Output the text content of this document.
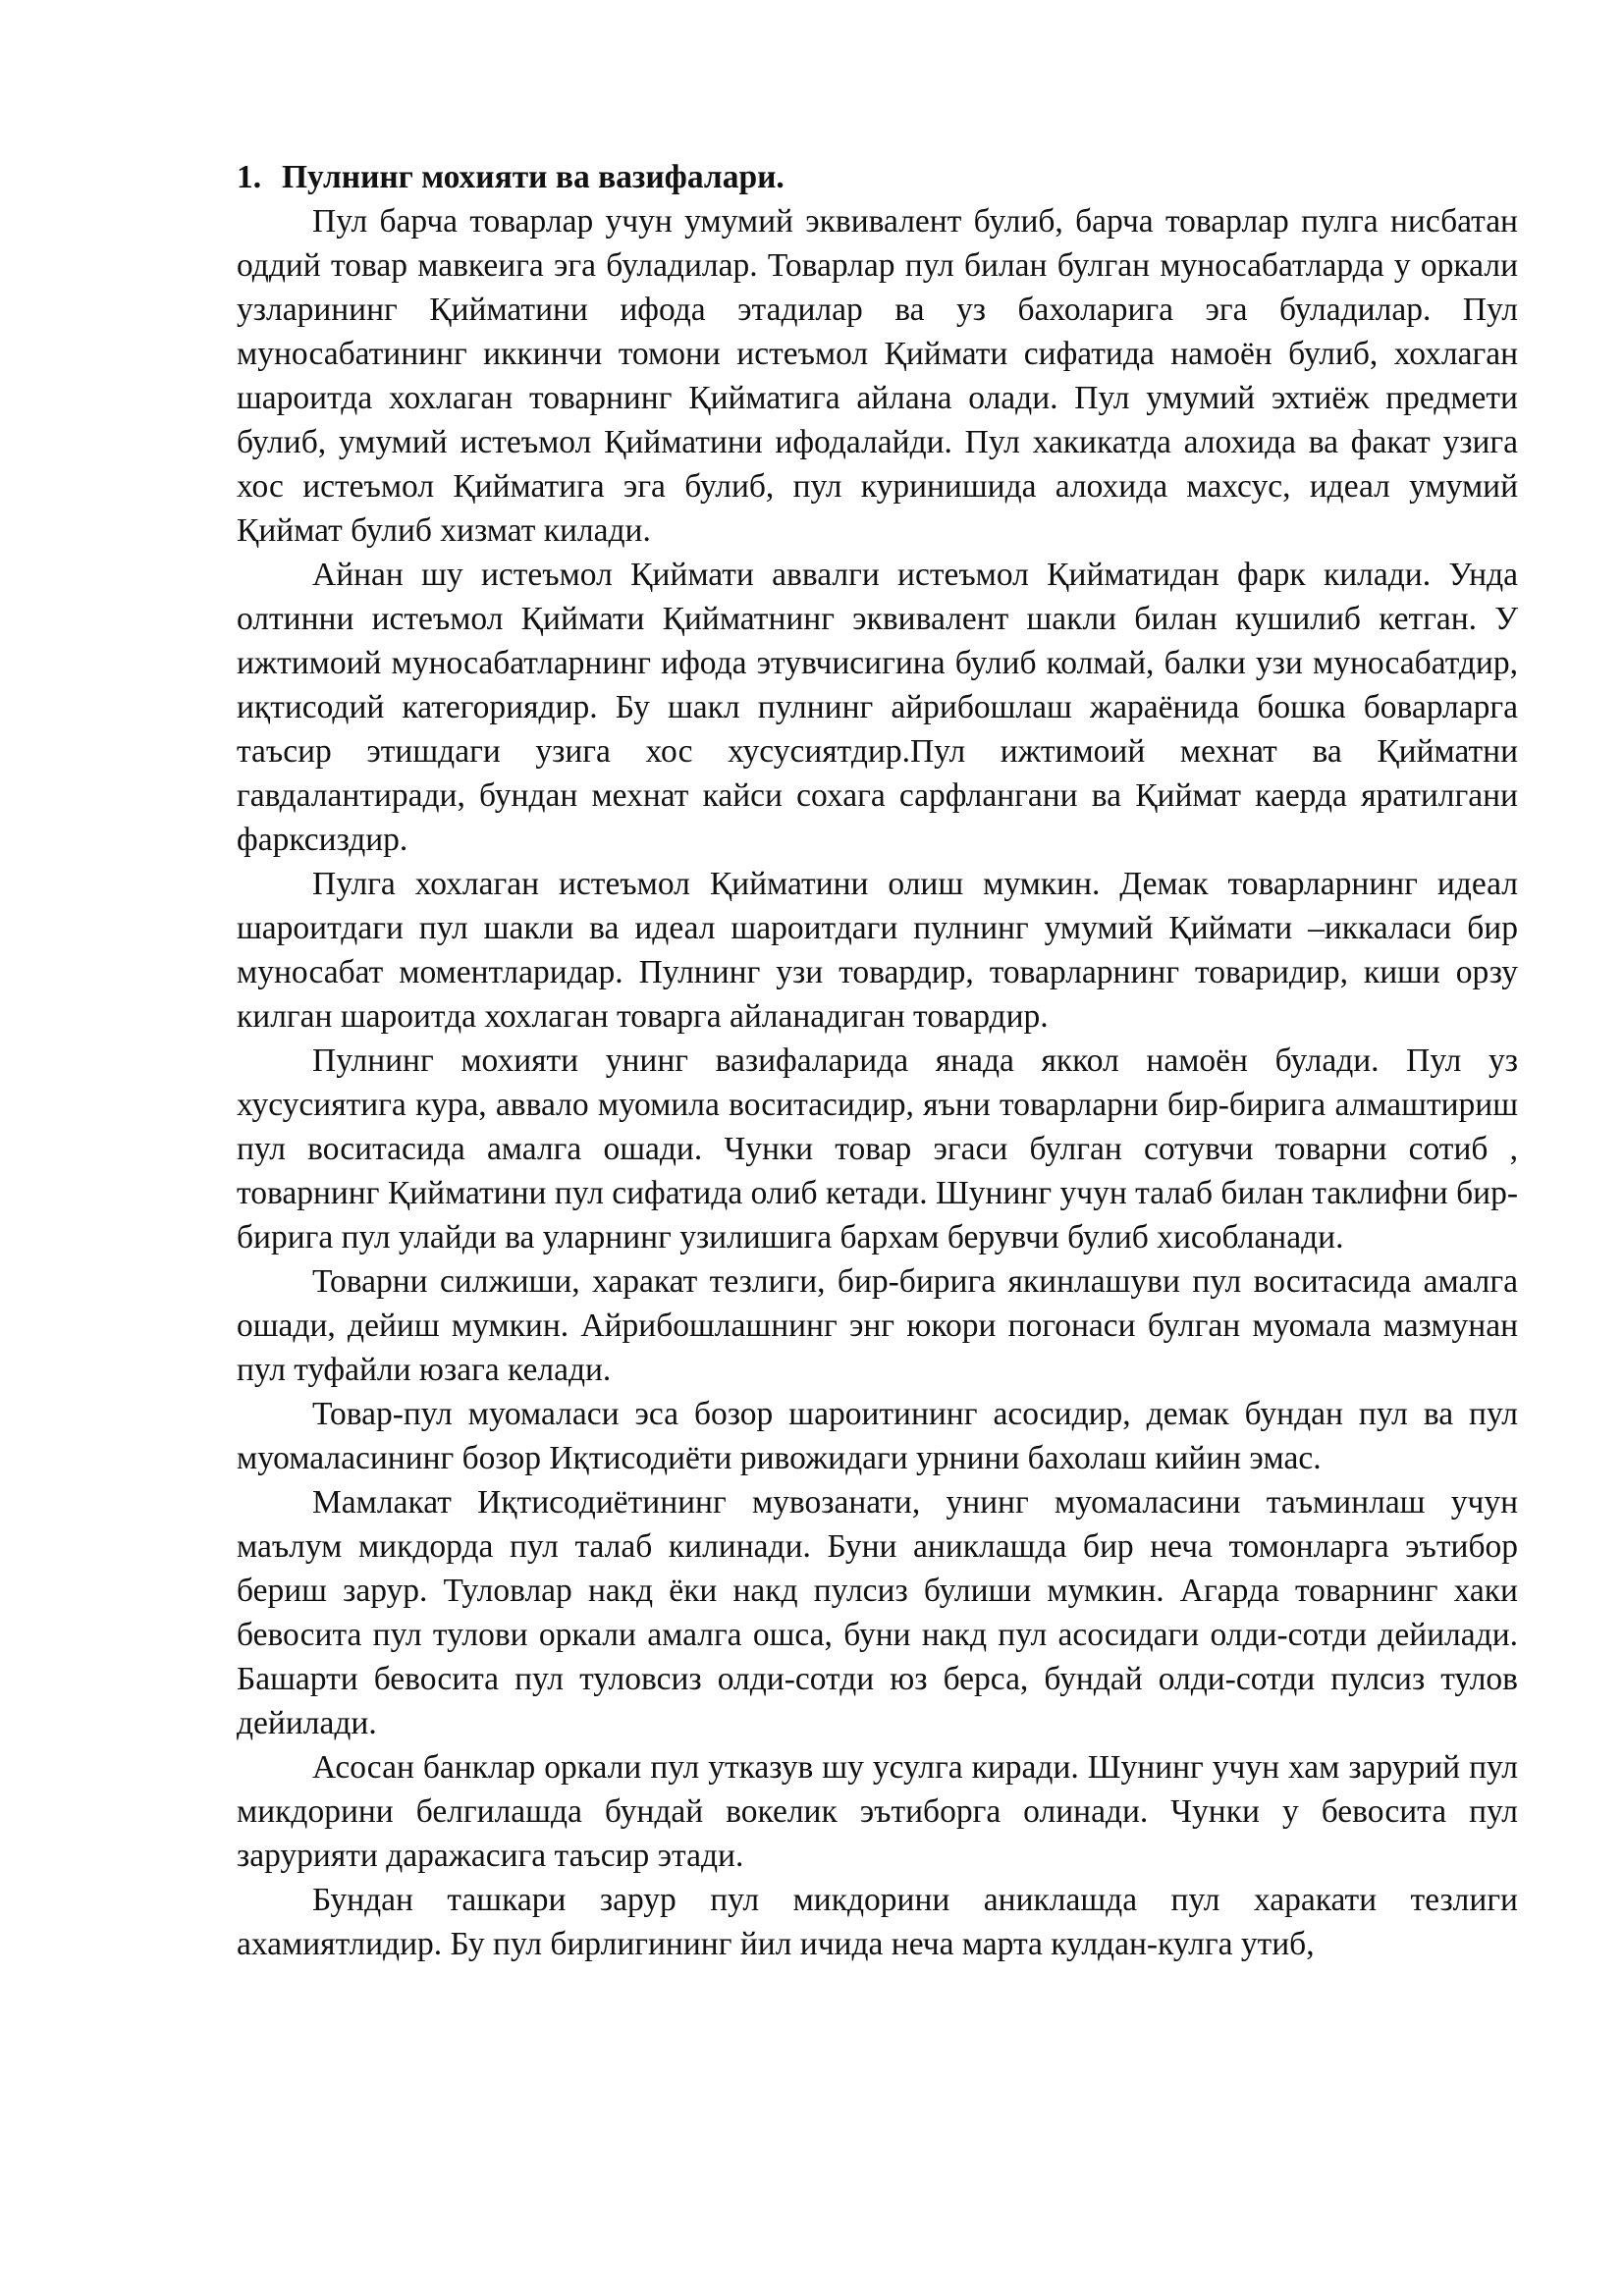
1. Пулнинг мохияти ва вазифалари.

Пул барча товарлар учун умумий эквивалент булиб, барча товарлар пулга нисбатан оддий товар мавкеига эга буладилар. Товарлар пул билан булган муносабатларда у оркали узларининг Қийматини ифода этадилар ва уз бахоларига эга буладилар. Пул муносабатининг иккинчи томони истеъмол Қиймати сифатида намоён булиб, хохлаган шароитда хохлаган товарнинг Қийматига айлана олади. Пул умумий эхтиёж предмети булиб, умумий истеъмол Қийматини ифодалайди. Пул хакикатда алохида ва факат узига хос истеъмол Қийматига эга булиб, пул куринишида алохида махсус, идеал умумий Қиймат булиб хизмат килади.

Айнан шу истеъмол Қиймати аввалги истеъмол Қийматидан фарк килади. Унда олтинни истеъмол Қиймати Қийматнинг эквивалент шакли билан кушилиб кетган. У ижтимоий муносабатларнинг ифода этувчисигина булиб колмай, балки узи муносабатдир, иқтисодий категориядир. Бу шакл пулнинг айрибошлаш жараёнида бошка боварларга таъсир этишдаги узига хос хусусиятдир.Пул ижтимоий мехнат ва Қийматни гавдалантиради, бундан мехнат кайси сохага сарфлангани ва Қиймат каерда яратилгани фарксиздир.

Пулга хохлаган истеъмол Қийматини олиш мумкин. Демак товарларнинг идеал шароитдаги пул шакли ва идеал шароитдаги пулнинг умумий Қиймати –иккаласи бир муносабат моментларидар. Пулнинг узи товардир, товарларнинг товаридир, киши орзу килган шароитда хохлаган товарга айланадиган товардир.

Пулнинг мохияти унинг вазифаларида янада яккол намоён булади. Пул уз хусусиятига кура, аввало муомила воситасидир, яъни товарларни бир-бирига алмаштириш пул воситасида амалга ошади. Чунки товар эгаси булган сотувчи товарни сотиб , товарнинг Қийматини пул сифатида олиб кетади. Шунинг учун талаб билан таклифни бир-бирига пул улайди ва уларнинг узилишига бархам берувчи булиб хисобланади.

Товарни силжиши, харакат тезлиги, бир-бирига якинлашуви пул воситасида амалга ошади, дейиш мумкин. Айрибошлашнинг энг юкори погонаси булган муомала мазмунан пул туфайли юзага келади.

Товар-пул муомаласи эса бозор шароитининг асосидир, демак бундан пул ва пул муомаласининг бозор Иқтисодиёти ривожидаги урнини бахолаш кийин эмас.

Мамлакат Иқтисодиётининг мувозанати, унинг муомаласини таъминлаш учун маълум микдорда пул талаб килинади. Буни аниклашда бир неча томонларга эътибор бериш зарур. Туловлар накд ёки накд пулсиз булиши мумкин. Агарда товарнинг хаки бевосита пул тулови оркали амалга ошса, буни накд пул асосидаги олди-сотди дейилади. Башарти бевосита пул туловсиз олди-сотди юз берса, бундай олди-сотди пулсиз тулов дейилади.

Асосан банклар оркали пул утказув шу усулга киради. Шунинг учун хам зарурий пул микдорини белгилашда бундай вокелик эътиборга олинади. Чунки у бевосита пул зарурияти даражасига таъсир этади.

Бундан ташкари зарур пул микдорини аниклашда пул харакати тезлиги ахамиятлидир. Бу пул бирлигининг йил ичида неча марта кулдан-кулга утиб,
